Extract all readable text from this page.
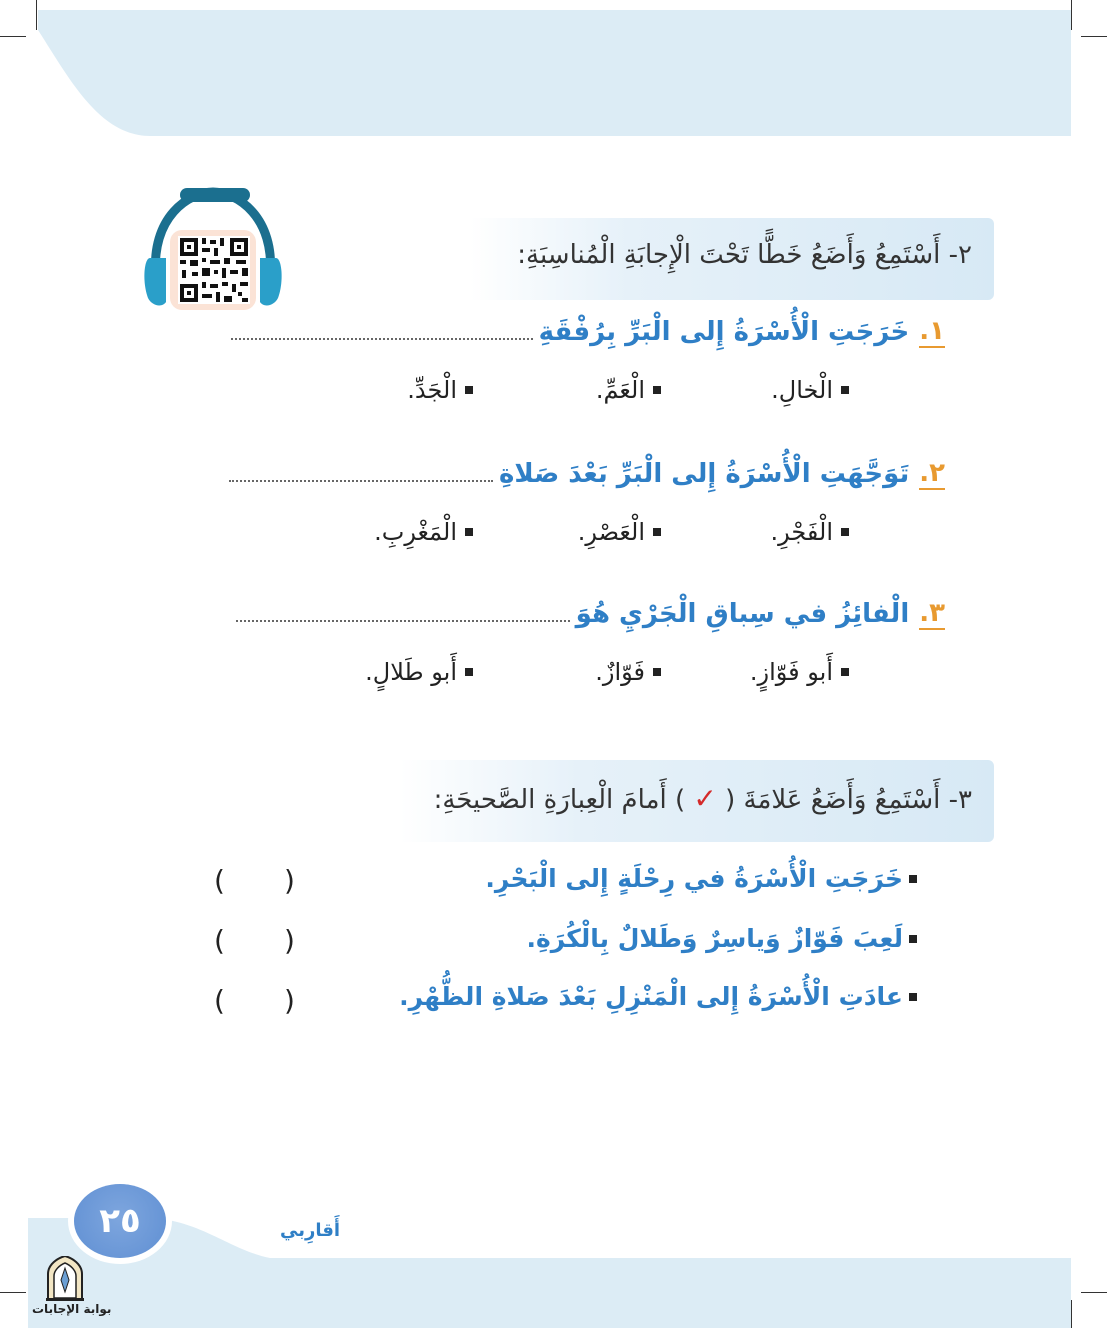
٢- أَسْتَمِعُ وَأَضَعُ خَطًّا تَحْتَ الْإِجابَةِ الْمُناسِبَةِ:
١.
خَرَجَتِ الْأُسْرَةُ إِلى الْبَرِّ بِرُفْقَةِ
الْخالِ.
الْعَمِّ.
الْجَدِّ.
٢.
تَوَجَّهَتِ الْأُسْرَةُ إِلى الْبَرِّ بَعْدَ صَلاةِ
الْفَجْرِ.
الْعَصْرِ.
الْمَغْرِبِ.
٣.
الْفائِزُ في سِباقِ الْجَرْيِ هُوَ
أَبو فَوّازٍ.
فَوّازٌ.
أَبو طَلالٍ.
٣- أَسْتَمِعُ وَأَضَعُ عَلامَةَ ( ✓ ) أَمامَ الْعِبارَةِ الصَّحيحَةِ:
خَرَجَتِ الْأُسْرَةُ في رِحْلَةٍ إِلى الْبَحْرِ.
( )
لَعِبَ فَوّازٌ وَياسِرٌ وَطَلالٌ بِالْكُرَةِ.
( )
عادَتِ الْأُسْرَةُ إِلى الْمَنْزِلِ بَعْدَ صَلاةِ الظُّهْرِ.
( )
أَقارِبي
٢٥
بوابة الإجابات
